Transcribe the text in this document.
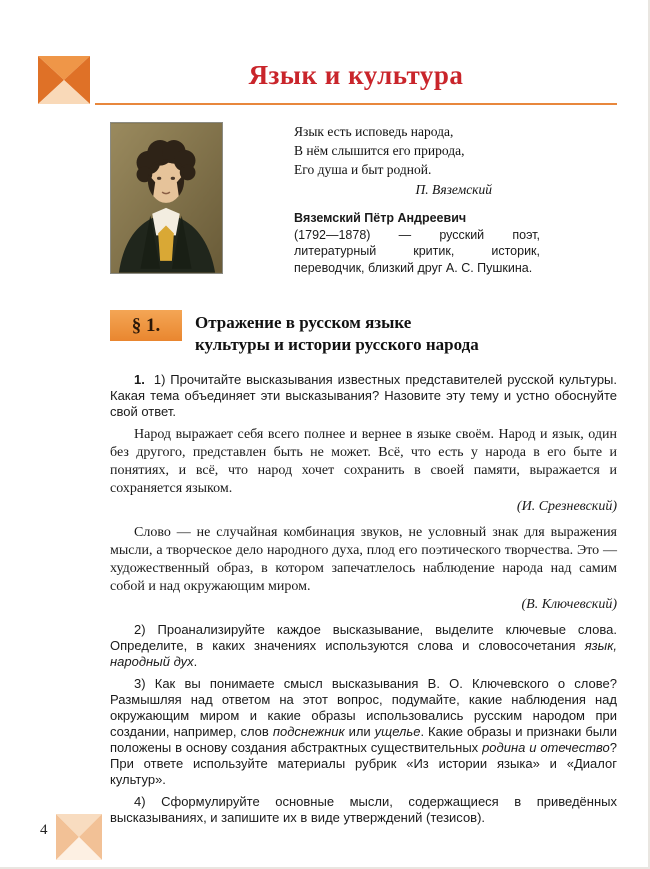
Язык и культура
Язык есть исповедь народа,
В нём слышится его природа,
Его душа и быт родной.
П. Вяземский
Вяземский Пётр Андреевич
(1792—1878) — русский поэт, литературный критик, историк, переводчик, близкий друг А. С. Пушкина.
§ 1.	Отражение в русском языке
культуры и истории русского народа

1. 1) Прочитайте высказывания известных представителей русской культуры. Какая тема объединяет эти высказывания? Назовите эту тему и устно обоснуйте свой ответ.

Народ выражает себя всего полнее и вернее в языке своём. Народ и язык, один без другого, представлен быть не может. Всё, что есть у народа в его быте и понятиях, и всё, что народ хочет сохранить в своей памяти, выражается и сохраняется языком.

(И. Срезневский)

Слово — не случайная комбинация звуков, не условный знак для выражения мысли, а творческое дело народного духа, плод его поэтического творчества. Это — художественный образ, в котором запечатлелось наблюдение народа над самим собой и над окружающим миром.

(В. Ключевский)

2) Проанализируйте каждое высказывание, выделите ключевые слова. Определите, в каких значениях используются слова и словосочетания язык, народный дух.

3) Как вы понимаете смысл высказывания В. О. Ключевского о слове? Размышляя над ответом на этот вопрос, подумайте, какие наблюдения над окружающим миром и какие образы использовались русским народом при создании, например, слов подснежник или ущелье. Какие образы и признаки были положены в основу создания абстрактных существительных родина и отечество? При ответе используйте материалы рубрик «Из истории языка» и «Диалог культур».

4) Сформулируйте основные мысли, содержащиеся в приведённых высказываниях, и запишите их в виде утверждений (тезисов).

4
